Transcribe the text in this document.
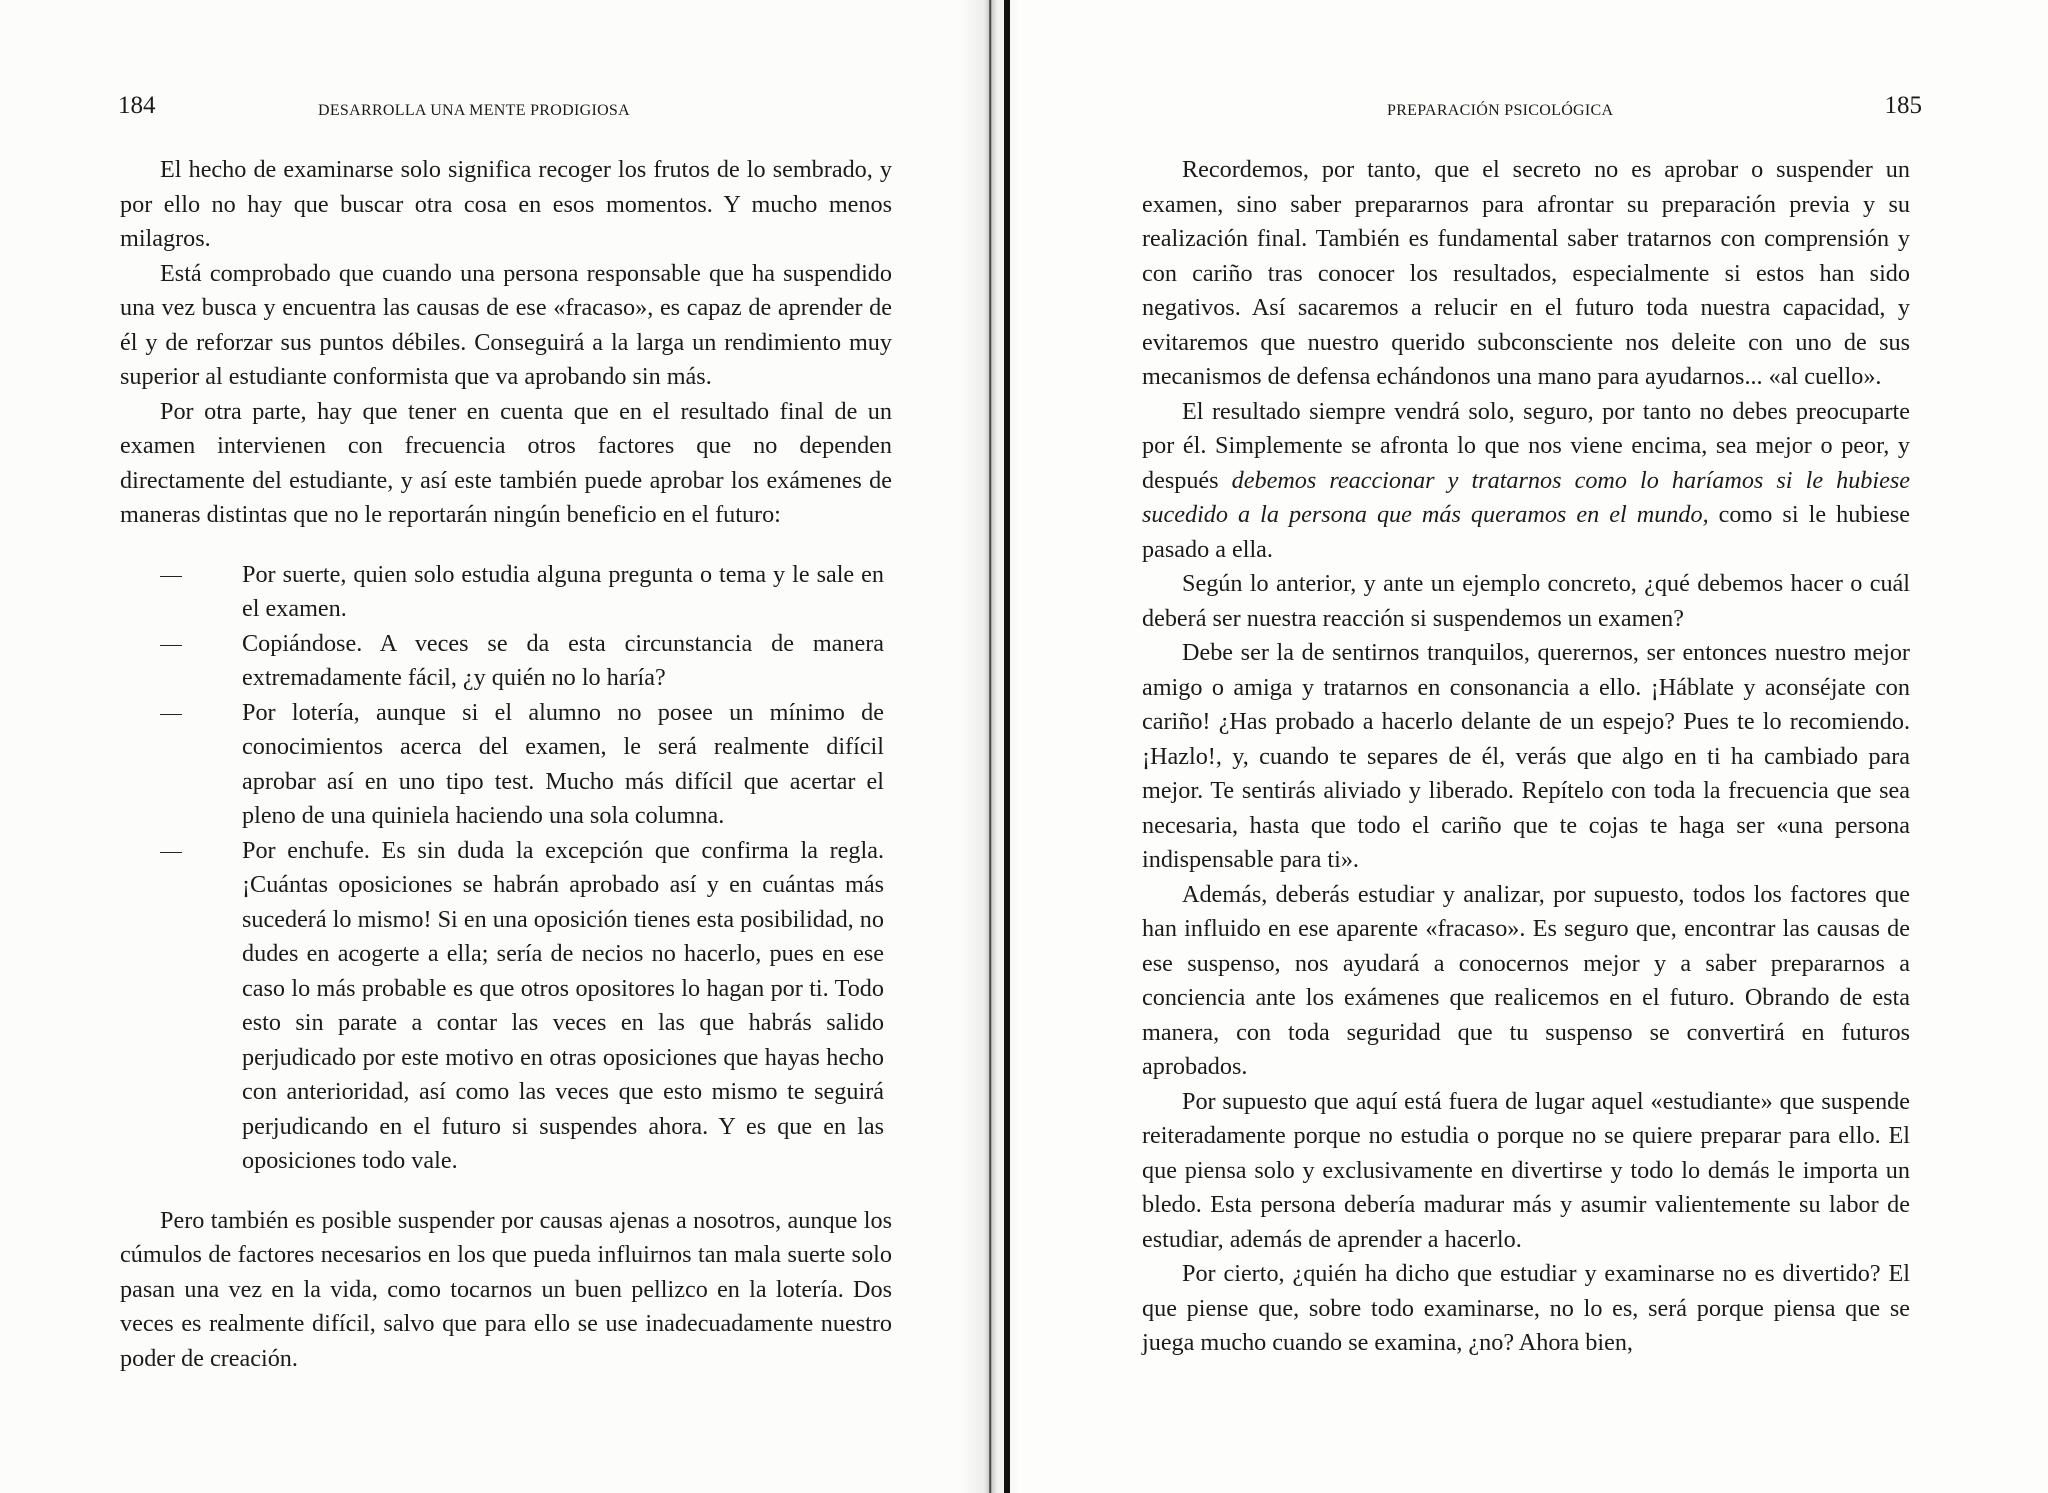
184	DESARROLLA UNA MENTE PRODIGIOSA

El hecho de examinarse solo significa recoger los frutos de lo sembrado, y por ello no hay que buscar otra cosa en esos momentos. Y mucho menos milagros.

Está comprobado que cuando una persona responsable que ha suspendido una vez busca y encuentra las causas de ese «fracaso», es capaz de aprender de él y de reforzar sus puntos débiles. Conseguirá a la larga un rendimiento muy superior al estudiante conformista que va aprobando sin más.

Por otra parte, hay que tener en cuenta que en el resultado final de un examen intervienen con frecuencia otros factores que no dependen directamente del estudiante, y así este también puede aprobar los exámenes de maneras distintas que no le reportarán ningún beneficio en el futuro:

Por suerte, quien solo estudia alguna pregunta o tema y le sale en el examen.
Copiándose. A veces se da esta circunstancia de manera extremadamente fácil, ¿y quién no lo haría?
Por lotería, aunque si el alumno no posee un mínimo de conocimientos acerca del examen, le será realmente difícil aprobar así en uno tipo test. Mucho más difícil que acertar el pleno de una quiniela haciendo una sola columna.
Por enchufe. Es sin duda la excepción que confirma la regla. ¡Cuántas oposiciones se habrán aprobado así y en cuántas más sucederá lo mismo! Si en una oposición tienes esta posibilidad, no dudes en acogerte a ella; sería de necios no hacerlo, pues en ese caso lo más probable es que otros opositores lo hagan por ti. Todo esto sin parate a contar las veces en las que habrás salido perjudicado por este motivo en otras oposiciones que hayas hecho con anterioridad, así como las veces que esto mismo te seguirá perjudicando en el futuro si suspendes ahora. Y es que en las oposiciones todo vale.

Pero también es posible suspender por causas ajenas a nosotros, aunque los cúmulos de factores necesarios en los que pueda influirnos tan mala suerte solo pasan una vez en la vida, como tocarnos un buen pellizco en la lotería. Dos veces es realmente difícil, salvo que para ello se use inadecuadamente nuestro poder de creación.

PREPARACIÓN PSICOLÓGICA	185

Recordemos, por tanto, que el secreto no es aprobar o suspender un examen, sino saber prepararnos para afrontar su preparación previa y su realización final. También es fundamental saber tratarnos con comprensión y con cariño tras conocer los resultados, especialmente si estos han sido negativos. Así sacaremos a relucir en el futuro toda nuestra capacidad, y evitaremos que nuestro querido subconsciente nos deleite con uno de sus mecanismos de defensa echándonos una mano para ayudarnos... «al cuello».

El resultado siempre vendrá solo, seguro, por tanto no debes preocuparte por él. Simplemente se afronta lo que nos viene encima, sea mejor o peor, y después debemos reaccionar y tratarnos como lo haríamos si le hubiese sucedido a la persona que más queramos en el mundo, como si le hubiese pasado a ella.

Según lo anterior, y ante un ejemplo concreto, ¿qué debemos hacer o cuál deberá ser nuestra reacción si suspendemos un examen?

Debe ser la de sentirnos tranquilos, querernos, ser entonces nuestro mejor amigo o amiga y tratarnos en consonancia a ello. ¡Háblate y aconséjate con cariño! ¿Has probado a hacerlo delante de un espejo? Pues te lo recomiendo. ¡Hazlo!, y, cuando te separes de él, verás que algo en ti ha cambiado para mejor. Te sentirás aliviado y liberado. Repítelo con toda la frecuencia que sea necesaria, hasta que todo el cariño que te cojas te haga ser «una persona indispensable para ti».

Además, deberás estudiar y analizar, por supuesto, todos los factores que han influido en ese aparente «fracaso». Es seguro que, encontrar las causas de ese suspenso, nos ayudará a conocernos mejor y a saber prepararnos a conciencia ante los exámenes que realicemos en el futuro. Obrando de esta manera, con toda seguridad que tu suspenso se convertirá en futuros aprobados.

Por supuesto que aquí está fuera de lugar aquel «estudiante» que suspende reiteradamente porque no estudia o porque no se quiere preparar para ello. El que piensa solo y exclusivamente en divertirse y todo lo demás le importa un bledo. Esta persona debería madurar más y asumir valientemente su labor de estudiar, además de aprender a hacerlo.

Por cierto, ¿quién ha dicho que estudiar y examinarse no es divertido? El que piense que, sobre todo examinarse, no lo es, será porque piensa que se juega mucho cuando se examina, ¿no? Ahora bien,
